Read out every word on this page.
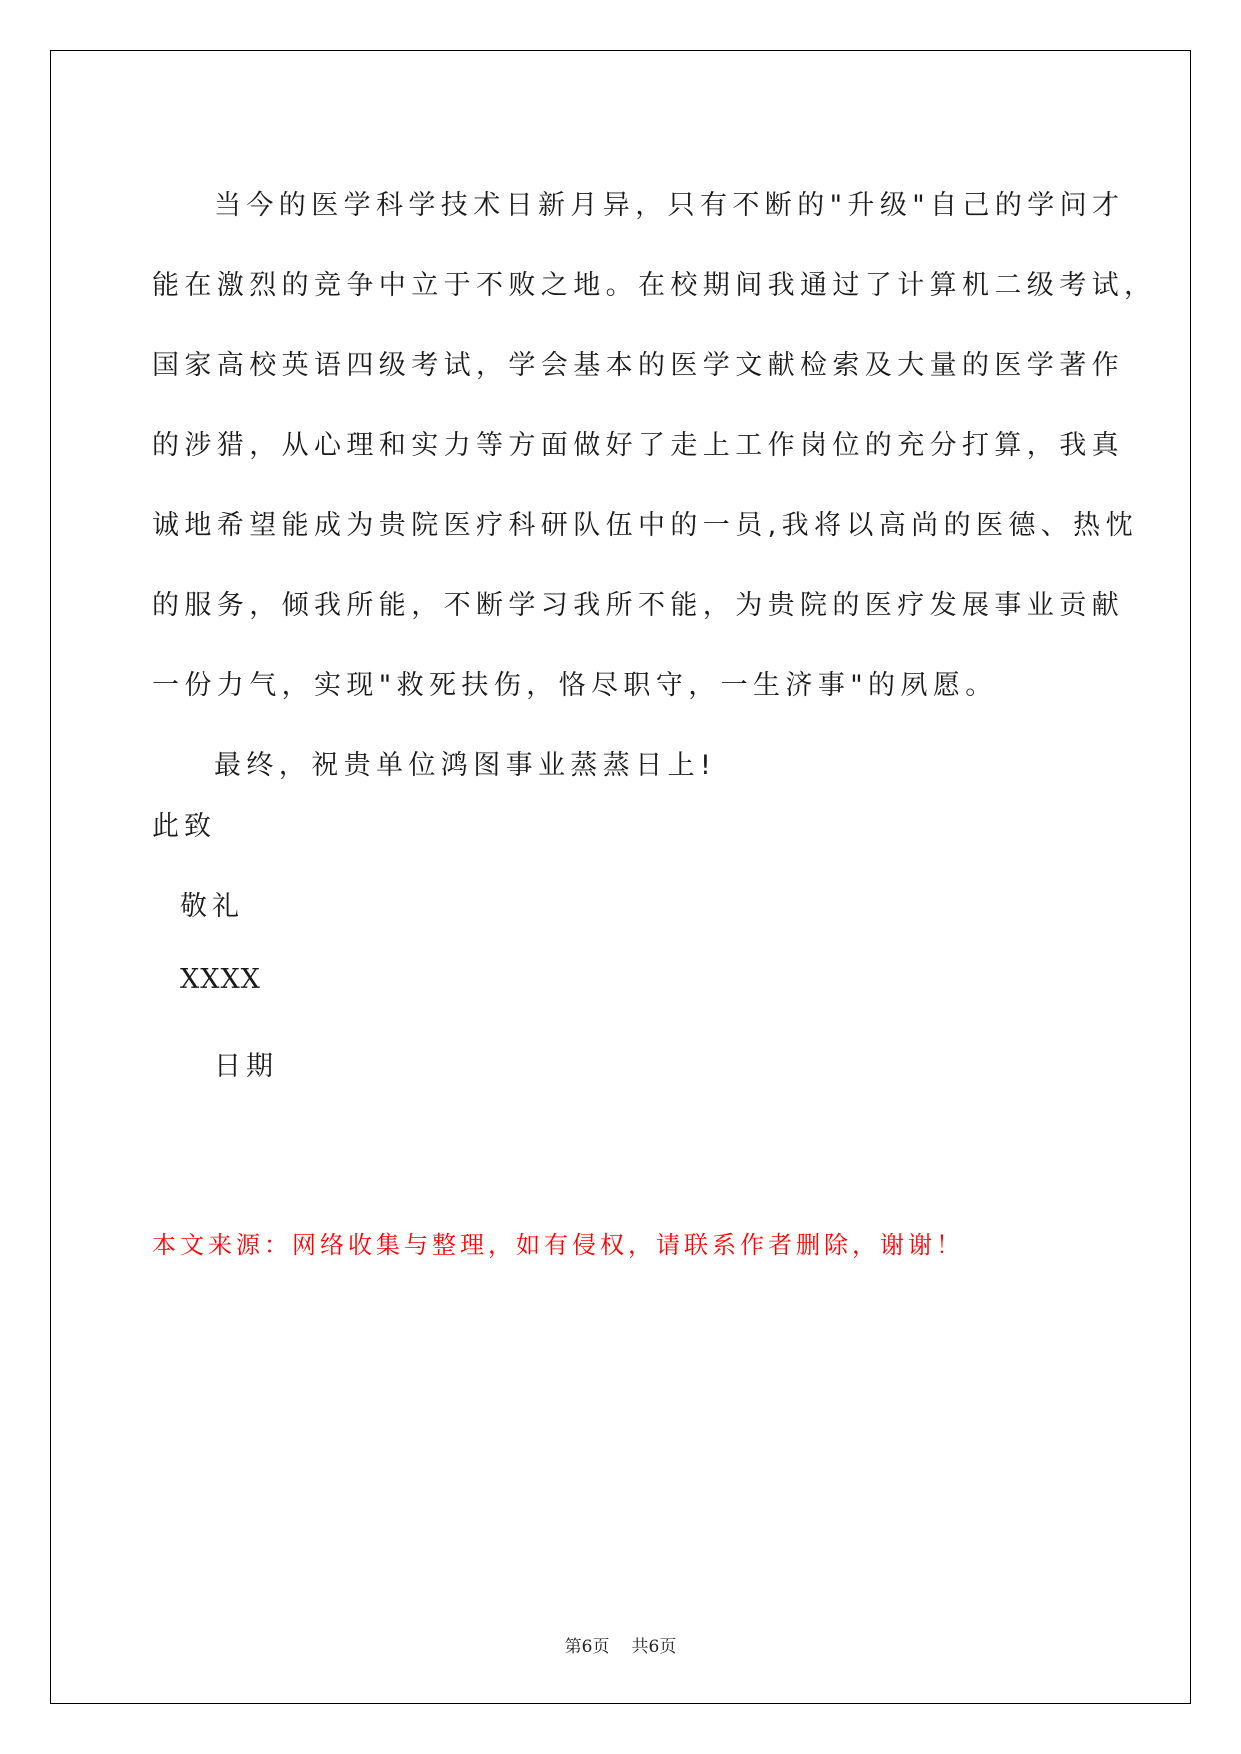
当今的医学科学技术日新月异，只有不断的"升级"自己的学问才
能在激烈的竞争中立于不败之地。在校期间我通过了计算机二级考试，
国家高校英语四级考试，学会基本的医学文献检索及大量的医学著作
的涉猎，从心理和实力等方面做好了走上工作岗位的充分打算，我真
诚地希望能成为贵院医疗科研队伍中的一员,我将以高尚的医德、热忱
的服务，倾我所能，不断学习我所不能，为贵院的医疗发展事业贡献
一份力气，实现"救死扶伤，恪尽职守，一生济事"的夙愿。
最终，祝贵单位鸿图事业蒸蒸日上!

此致

敬礼

XXXX

日期

本文来源：网络收集与整理，如有侵权，请联系作者删除，谢谢！

第6页 共6页
